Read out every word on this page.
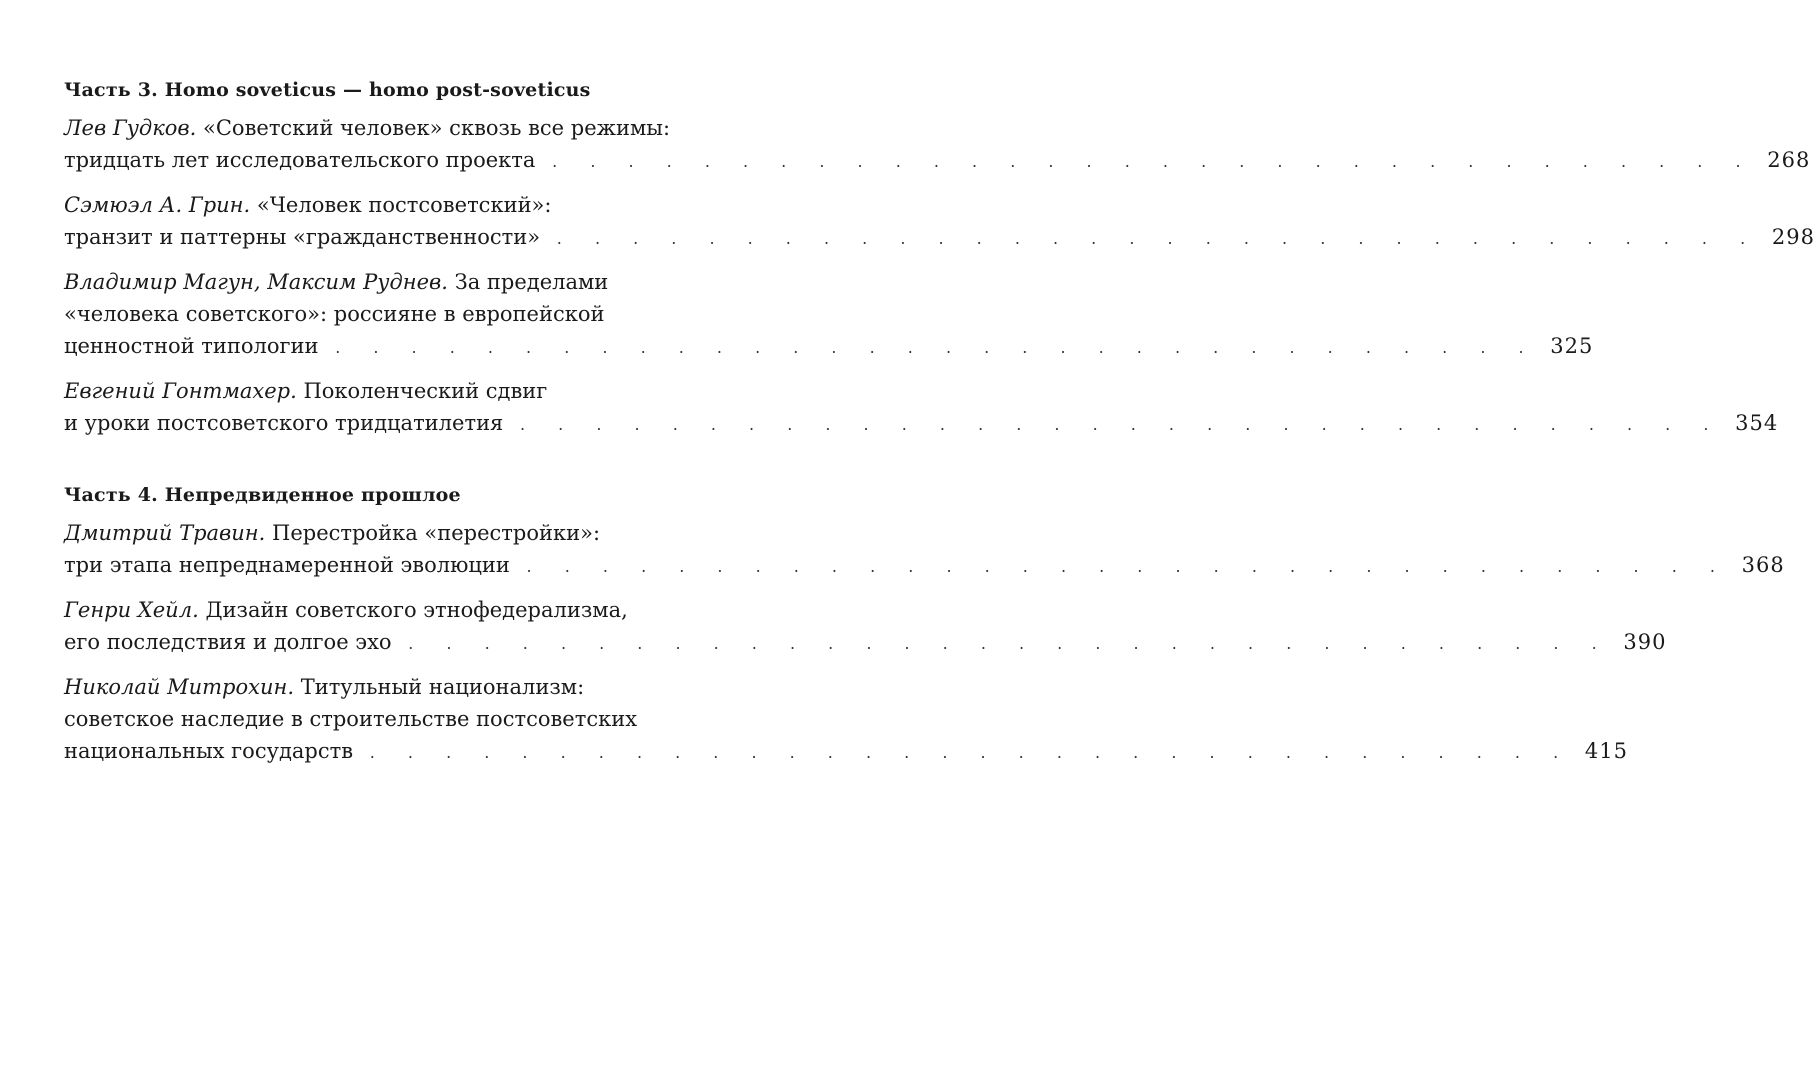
Часть 3. Homo soveticus — homo post-soveticus
Лев Гудков. «Советский человек» сквозь все режимы:
тридцать лет исследовательского проекта . . . . . . . . . . . . . . . . . . . . . . . . . . . . . . . . 268
Сэмюэл А. Грин. «Человек постсоветский»:
транзит и паттерны «гражданственности» . . . . . . . . . . . . . . . . . . . . . . . . . . . . . . . . 298
Владимир Магун, Максим Руднев. За пределами
«человека советского»: россияне в европейской
ценностной типологии . . . . . . . . . . . . . . . . . . . . . . . . . . . . . . . . 325
Евгений Гонтмахер. Поколенческий сдвиг
и уроки постсоветского тридцатилетия . . . . . . . . . . . . . . . . . . . . . . . . . . . . . . . . 354
Часть 4. Непредвиденное прошлое
Дмитрий Травин. Перестройка «перестройки»:
три этапа непреднамеренной эволюции . . . . . . . . . . . . . . . . . . . . . . . . . . . . . . . . 368
Генри Хейл. Дизайн советского этнофедерализма,
его последствия и долгое эхо . . . . . . . . . . . . . . . . . . . . . . . . . . . . . . . . 390
Николай Митрохин. Титульный национализм:
советское наследие в строительстве постсоветских
национальных государств . . . . . . . . . . . . . . . . . . . . . . . . . . . . . . . . 415
